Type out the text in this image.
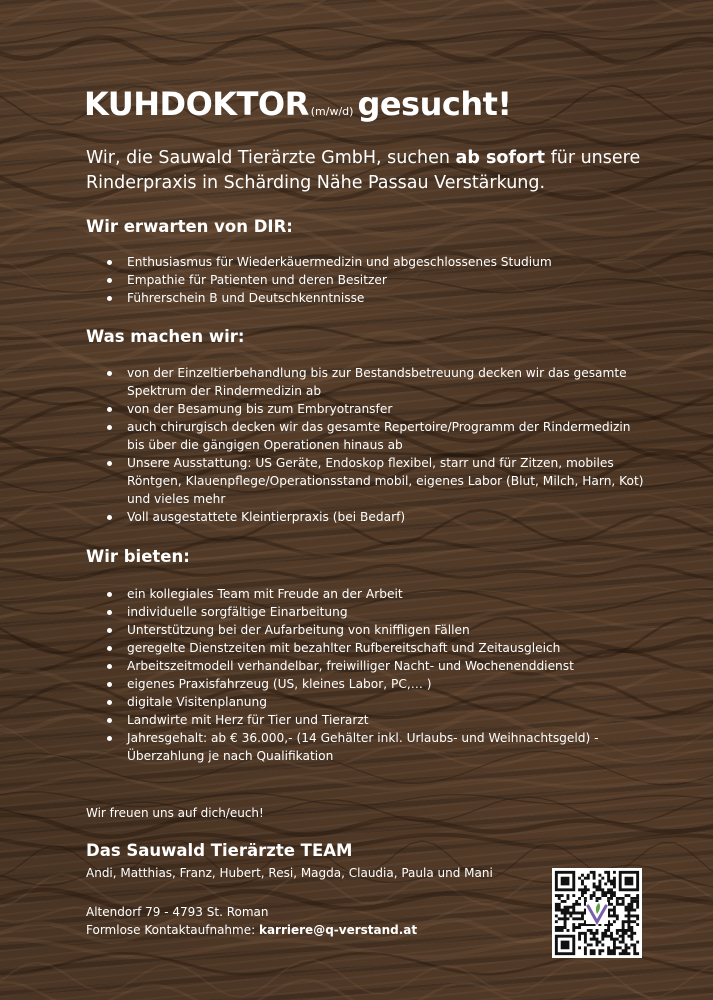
KUHDOKTOR (m/w/d) gesucht!

Wir, die Sauwald Tierärzte GmbH, suchen ab sofort für unsere Rinderpraxis in Schärding Nähe Passau Verstärkung.

Wir erwarten von DIR:
Enthusiasmus für Wiederkäuermedizin und abgeschlossenes Studium
Empathie für Patienten und deren Besitzer
Führerschein B und Deutschkenntnisse
Was machen wir:
von der Einzeltierbehandlung bis zur Bestandsbetreuung decken wir das gesamte Spektrum der Rindermedizin ab
von der Besamung bis zum Embryotransfer
auch chirurgisch decken wir das gesamte Repertoire/Programm der Rindermedizin bis über die gängigen Operationen hinaus ab
Unsere Ausstattung: US Geräte, Endoskop flexibel, starr und für Zitzen, mobiles Röntgen, Klauenpflege/Operationsstand mobil, eigenes Labor (Blut, Milch, Harn, Kot) und vieles mehr
Voll ausgestattete Kleintierpraxis (bei Bedarf)
Wir bieten:
ein kollegiales Team mit Freude an der Arbeit
individuelle sorgfältige Einarbeitung
Unterstützung bei der Aufarbeitung von kniffligen Fällen
geregelte Dienstzeiten mit bezahlter Rufbereitschaft und Zeitausgleich
Arbeitszeitmodell verhandelbar, freiwilliger Nacht- und Wochenenddienst
eigenes Praxisfahrzeug (US, kleines Labor, PC,… )
digitale Visitenplanung
Landwirte mit Herz für Tier und Tierarzt
Jahresgehalt: ab € 36.000,- (14 Gehälter inkl. Urlaubs- und Weihnachtsgeld) - Überzahlung je nach Qualifikation

Wir freuen uns auf dich/euch!

Das Sauwald Tierärzte TEAM

Andi, Matthias, Franz, Hubert, Resi, Magda, Claudia, Paula und Mani

Altendorf 79 - 4793 St. Roman

Formlose Kontaktaufnahme: karriere@q-verstand.at
